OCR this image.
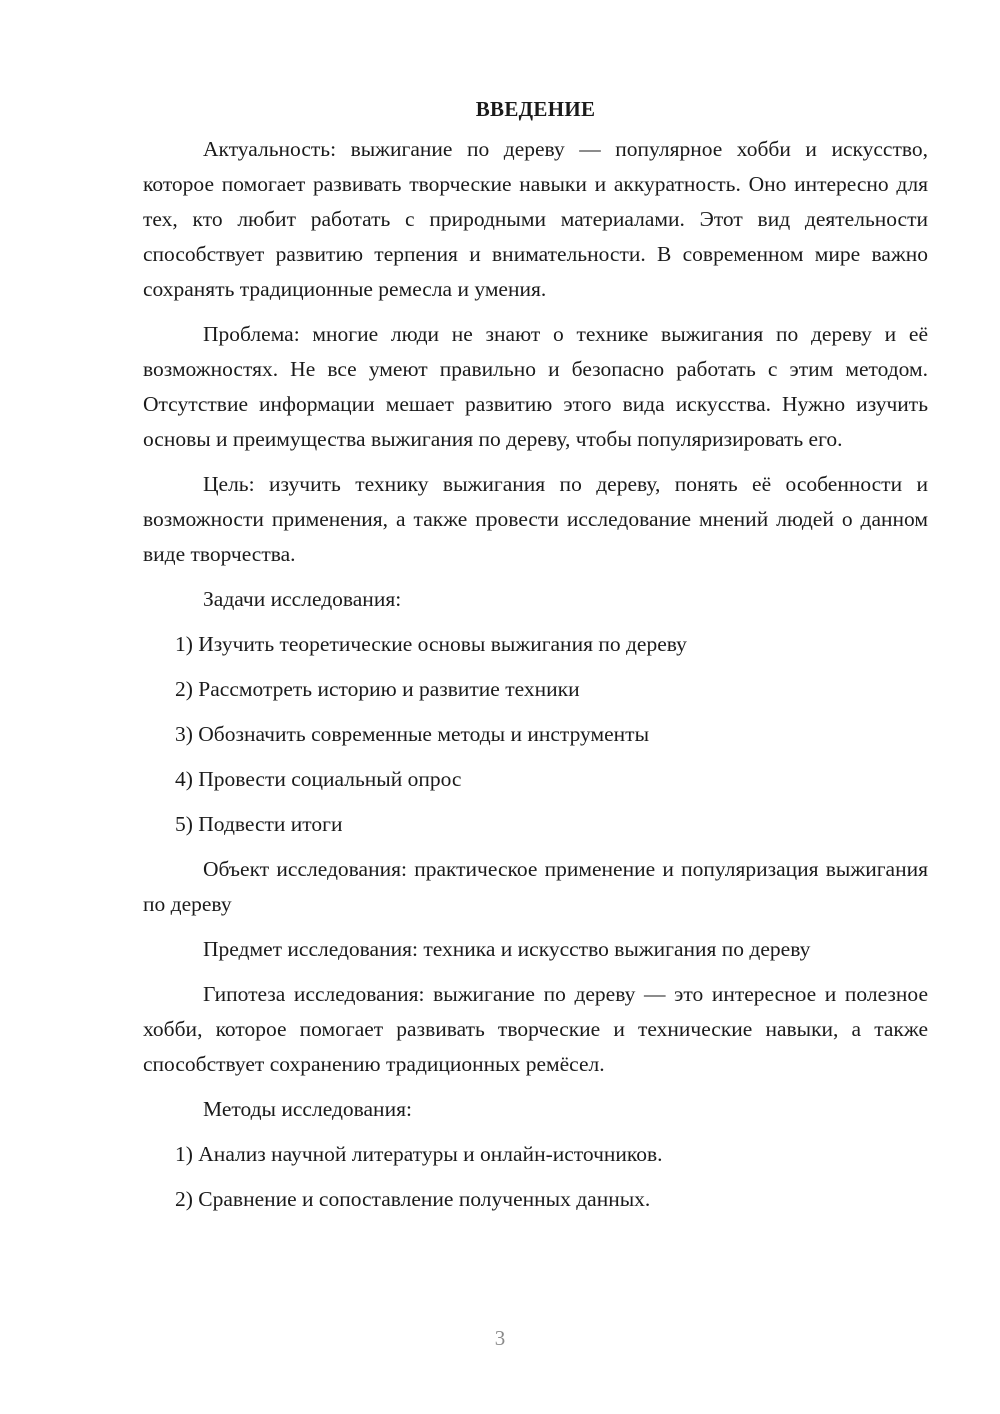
ВВЕДЕНИЕ

Актуальность: выжигание по дереву — популярное хобби и искусство, которое помогает развивать творческие навыки и аккуратность. Оно интересно для тех, кто любит работать с природными материалами. Этот вид деятельности способствует развитию терпения и внимательности. В современном мире важно сохранять традиционные ремесла и умения.

Проблема: многие люди не знают о технике выжигания по дереву и её возможностях. Не все умеют правильно и безопасно работать с этим методом. Отсутствие информации мешает развитию этого вида искусства. Нужно изучить основы и преимущества выжигания по дереву, чтобы популяризировать его.

Цель: изучить технику выжигания по дереву, понять её особенности и возможности применения, а также провести исследование мнений людей о данном виде творчества.

Задачи исследования:

1) Изучить теоретические основы выжигания по дереву

2) Рассмотреть историю и развитие техники

3) Обозначить современные методы и инструменты

4) Провести социальный опрос

5) Подвести итоги

Объект исследования: практическое применение и популяризация выжигания по дереву

Предмет исследования: техника и искусство выжигания по дереву

Гипотеза исследования: выжигание по дереву — это интересное и полезное хобби, которое помогает развивать творческие и технические навыки, а также способствует сохранению традиционных ремёсел.

Методы исследования:

1) Анализ научной литературы и онлайн-источников.

2) Сравнение и сопоставление полученных данных.

3
